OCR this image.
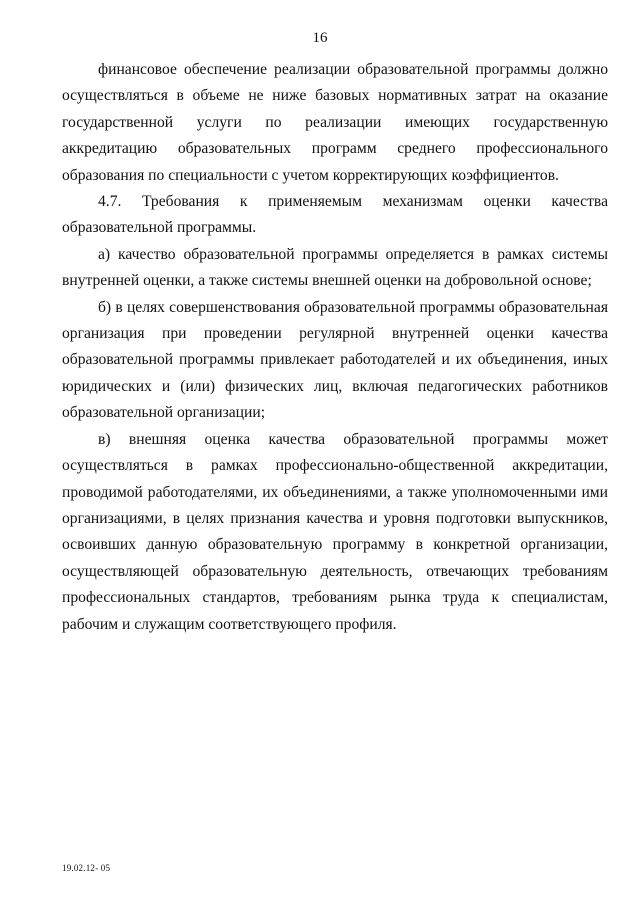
16

финансовое обеспечение реализации образовательной программы должно осуществляться в объеме не ниже базовых нормативных затрат на оказание государственной услуги по реализации имеющих государственную аккредитацию образовательных программ среднего профессионального образования по специальности с учетом корректирующих коэффициентов.

4.7. Требования к применяемым механизмам оценки качества образовательной программы.

а) качество образовательной программы определяется в рамках системы внутренней оценки, а также системы внешней оценки на добровольной основе;

б) в целях совершенствования образовательной программы образовательная организация при проведении регулярной внутренней оценки качества образовательной программы привлекает работодателей и их объединения, иных юридических и (или) физических лиц, включая педагогических работников образовательной организации;

в) внешняя оценка качества образовательной программы может осуществляться в рамках профессионально-общественной аккредитации, проводимой работодателями, их объединениями, а также уполномоченными ими организациями, в целях признания качества и уровня подготовки выпускников, освоивших данную образовательную программу в конкретной организации, осуществляющей образовательную деятельность, отвечающих требованиям профессиональных стандартов, требованиям рынка труда к специалистам, рабочим и служащим соответствующего профиля.

19.02.12- 05
